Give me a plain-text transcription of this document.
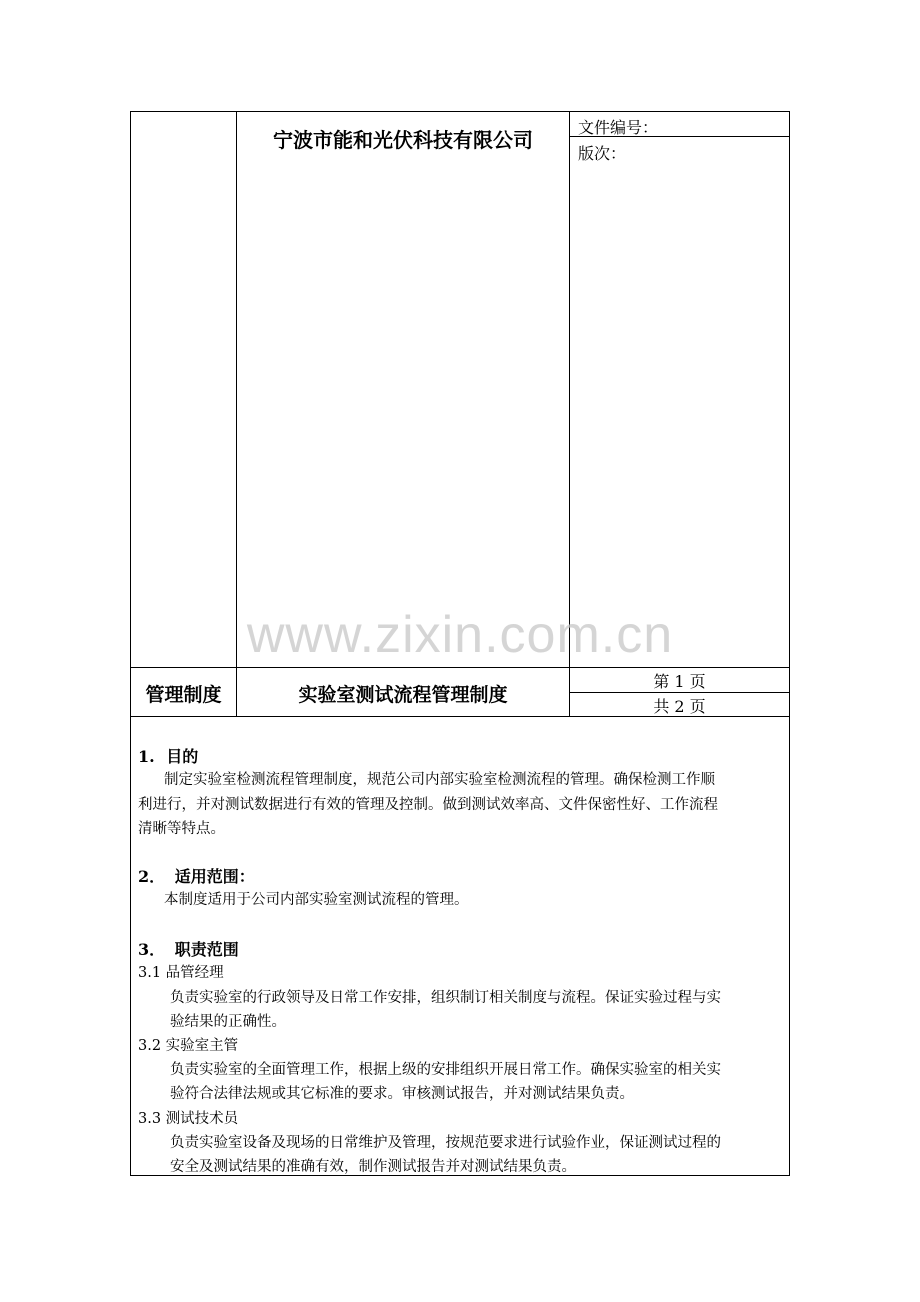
宁波市能和光伏科技有限公司
文件编号：
版次：
www.zixin.com.cn
管理制度	实验室测试流程管理制度
第 1 页
共 2 页
1. 目的
制定实验室检测流程管理制度，规范公司内部实验室检测流程的管理。确保检测工作顺
利进行，并对测试数据进行有效的管理及控制。做到测试效率高、文件保密性好、工作流程
清晰等特点。
2． 适用范围：
本制度适用于公司内部实验室测试流程的管理。
3． 职责范围
3.1 品管经理
负责实验室的行政领导及日常工作安排，组织制订相关制度与流程。保证实验过程与实
验结果的正确性。
3.2 实验室主管
负责实验室的全面管理工作，根据上级的安排组织开展日常工作。确保实验室的相关实
验符合法律法规或其它标准的要求。审核测试报告，并对测试结果负责。
3.3 测试技术员
负责实验室设备及现场的日常维护及管理，按规范要求进行试验作业，保证测试过程的
安全及测试结果的准确有效，制作测试报告并对测试结果负责。
